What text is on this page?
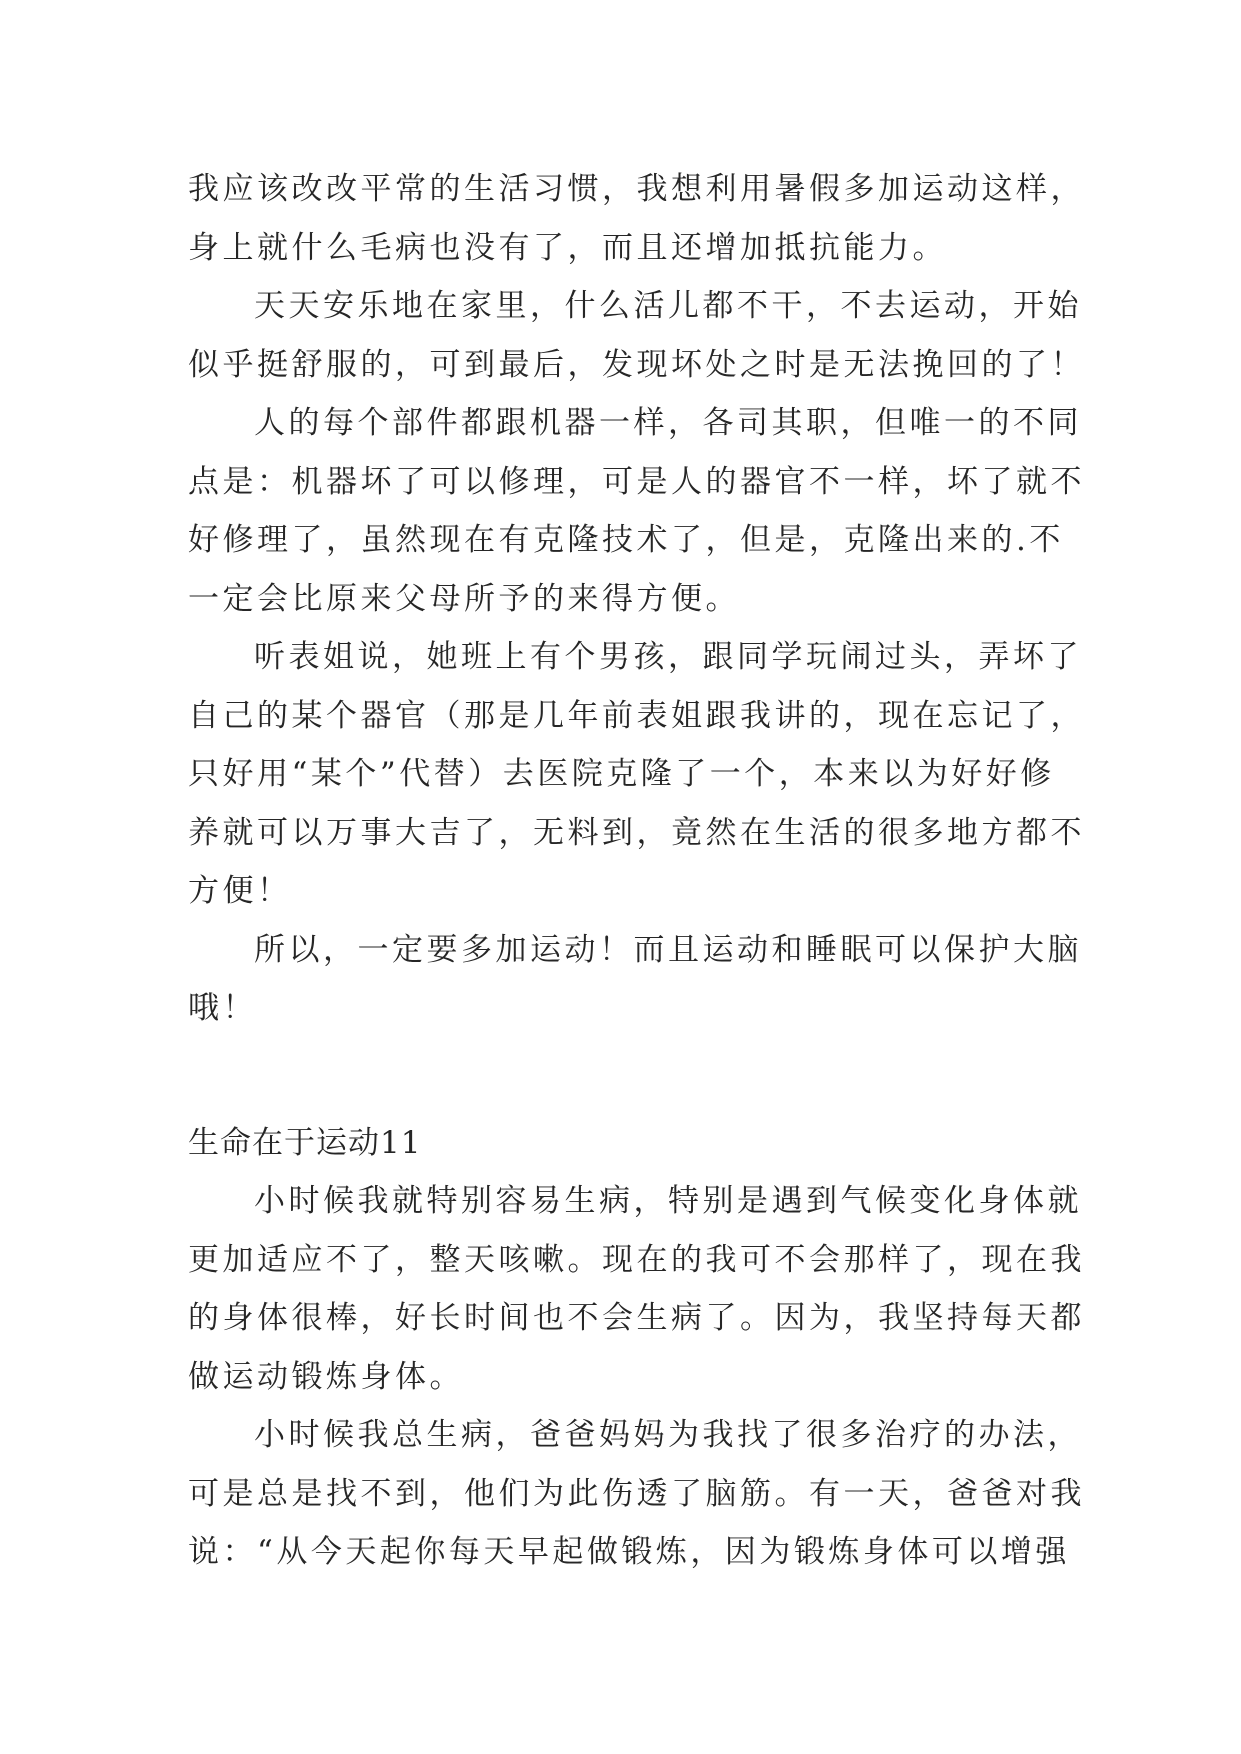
我应该改改平常的生活习惯，我想利用暑假多加运动这样，
身上就什么毛病也没有了，而且还增加抵抗能力。
天天安乐地在家里，什么活儿都不干，不去运动，开始
似乎挺舒服的，可到最后，发现坏处之时是无法挽回的了！
人的每个部件都跟机器一样，各司其职，但唯一的不同
点是：机器坏了可以修理，可是人的器官不一样，坏了就不
好修理了，虽然现在有克隆技术了，但是，克隆出来的.不
一定会比原来父母所予的来得方便。
听表姐说，她班上有个男孩，跟同学玩闹过头，弄坏了
自己的某个器官（那是几年前表姐跟我讲的，现在忘记了，
只好用“某个”代替）去医院克隆了一个，本来以为好好修
养就可以万事大吉了，无料到，竟然在生活的很多地方都不
方便！
所以，一定要多加运动！而且运动和睡眠可以保护大脑
哦！
生命在于运动11
小时候我就特别容易生病，特别是遇到气候变化身体就
更加适应不了，整天咳嗽。现在的我可不会那样了，现在我
的身体很棒，好长时间也不会生病了。因为，我坚持每天都
做运动锻炼身体。
小时候我总生病，爸爸妈妈为我找了很多治疗的办法，
可是总是找不到，他们为此伤透了脑筋。有一天，爸爸对我
说：“从今天起你每天早起做锻炼，因为锻炼身体可以增强
